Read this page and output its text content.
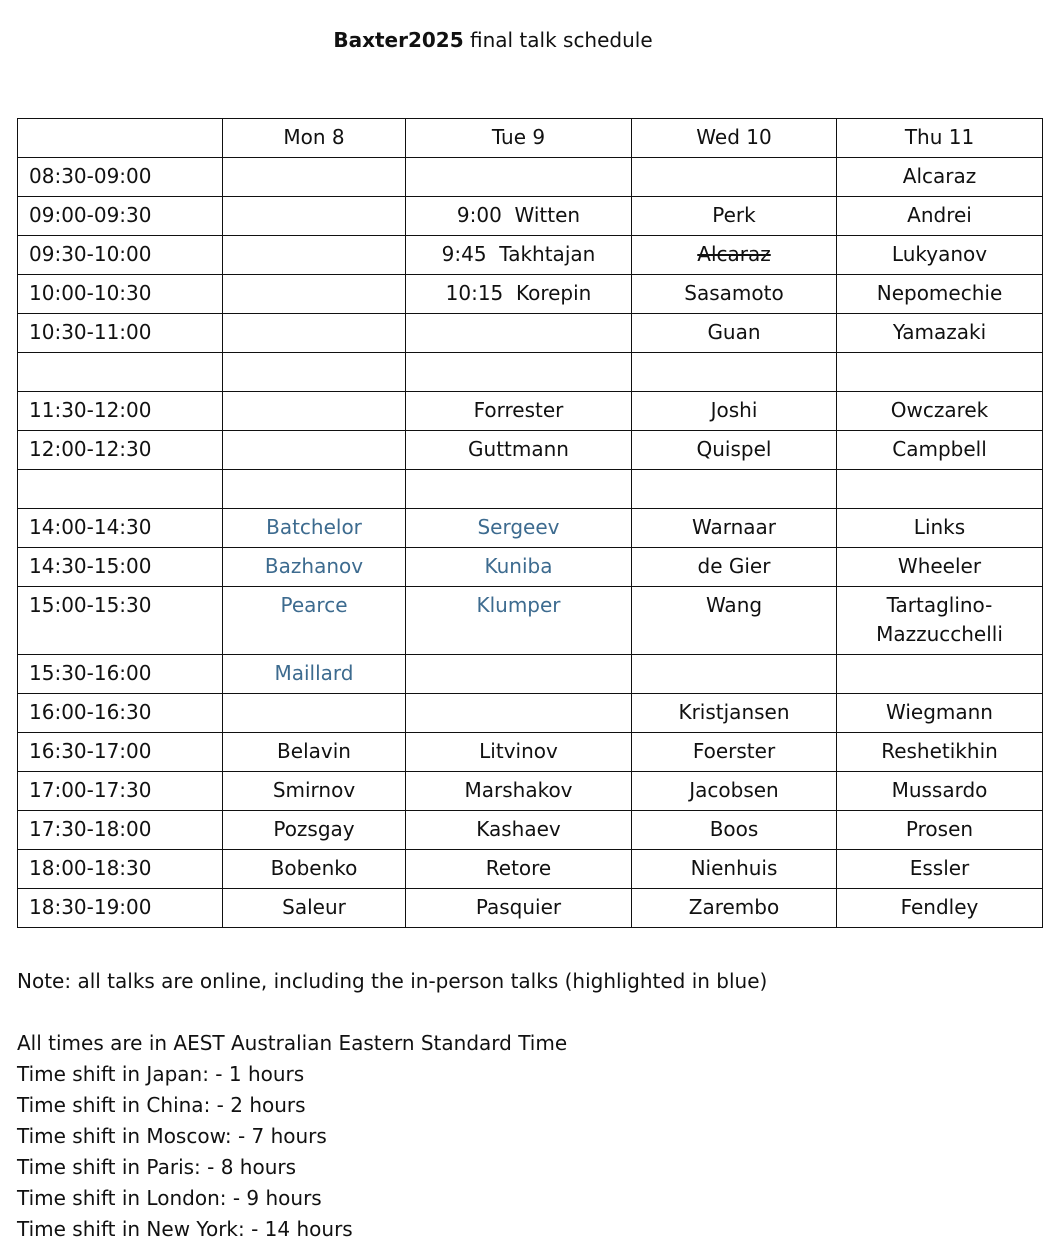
Baxter2025 final talk schedule
	Mon 8	Tue 9	Wed 10	Thu 11
08:30-09:00				Alcaraz
09:00-09:30		9:00  Witten	Perk	Andrei
09:30-10:00		9:45  Takhtajan	Alcaraz	Lukyanov
10:00-10:30		10:15  Korepin	Sasamoto	Nepomechie
10:30-11:00			Guan	Yamazaki

11:30-12:00		Forrester	Joshi	Owczarek
12:00-12:30		Guttmann	Quispel	Campbell

14:00-14:30	Batchelor	Sergeev	Warnaar	Links
14:30-15:00	Bazhanov	Kuniba	de Gier	Wheeler
15:00-15:30	Pearce	Klumper	Wang	Tartaglino-
Mazzucchelli
15:30-16:00	Maillard			
16:00-16:30			Kristjansen	Wiegmann
16:30-17:00	Belavin	Litvinov	Foerster	Reshetikhin
17:00-17:30	Smirnov	Marshakov	Jacobsen	Mussardo
17:30-18:00	Pozsgay	Kashaev	Boos	Prosen
18:00-18:30	Bobenko	Retore	Nienhuis	Essler
18:30-19:00	Saleur	Pasquier	Zarembo	Fendley

Note: all talks are online, including the in-person talks (highlighted in blue)

All times are in AEST Australian Eastern Standard Time

Time shift in Japan: - 1 hours

Time shift in China: - 2 hours

Time shift in Moscow: - 7 hours

Time shift in Paris: - 8 hours

Time shift in London: - 9 hours

Time shift in New York: - 14 hours
